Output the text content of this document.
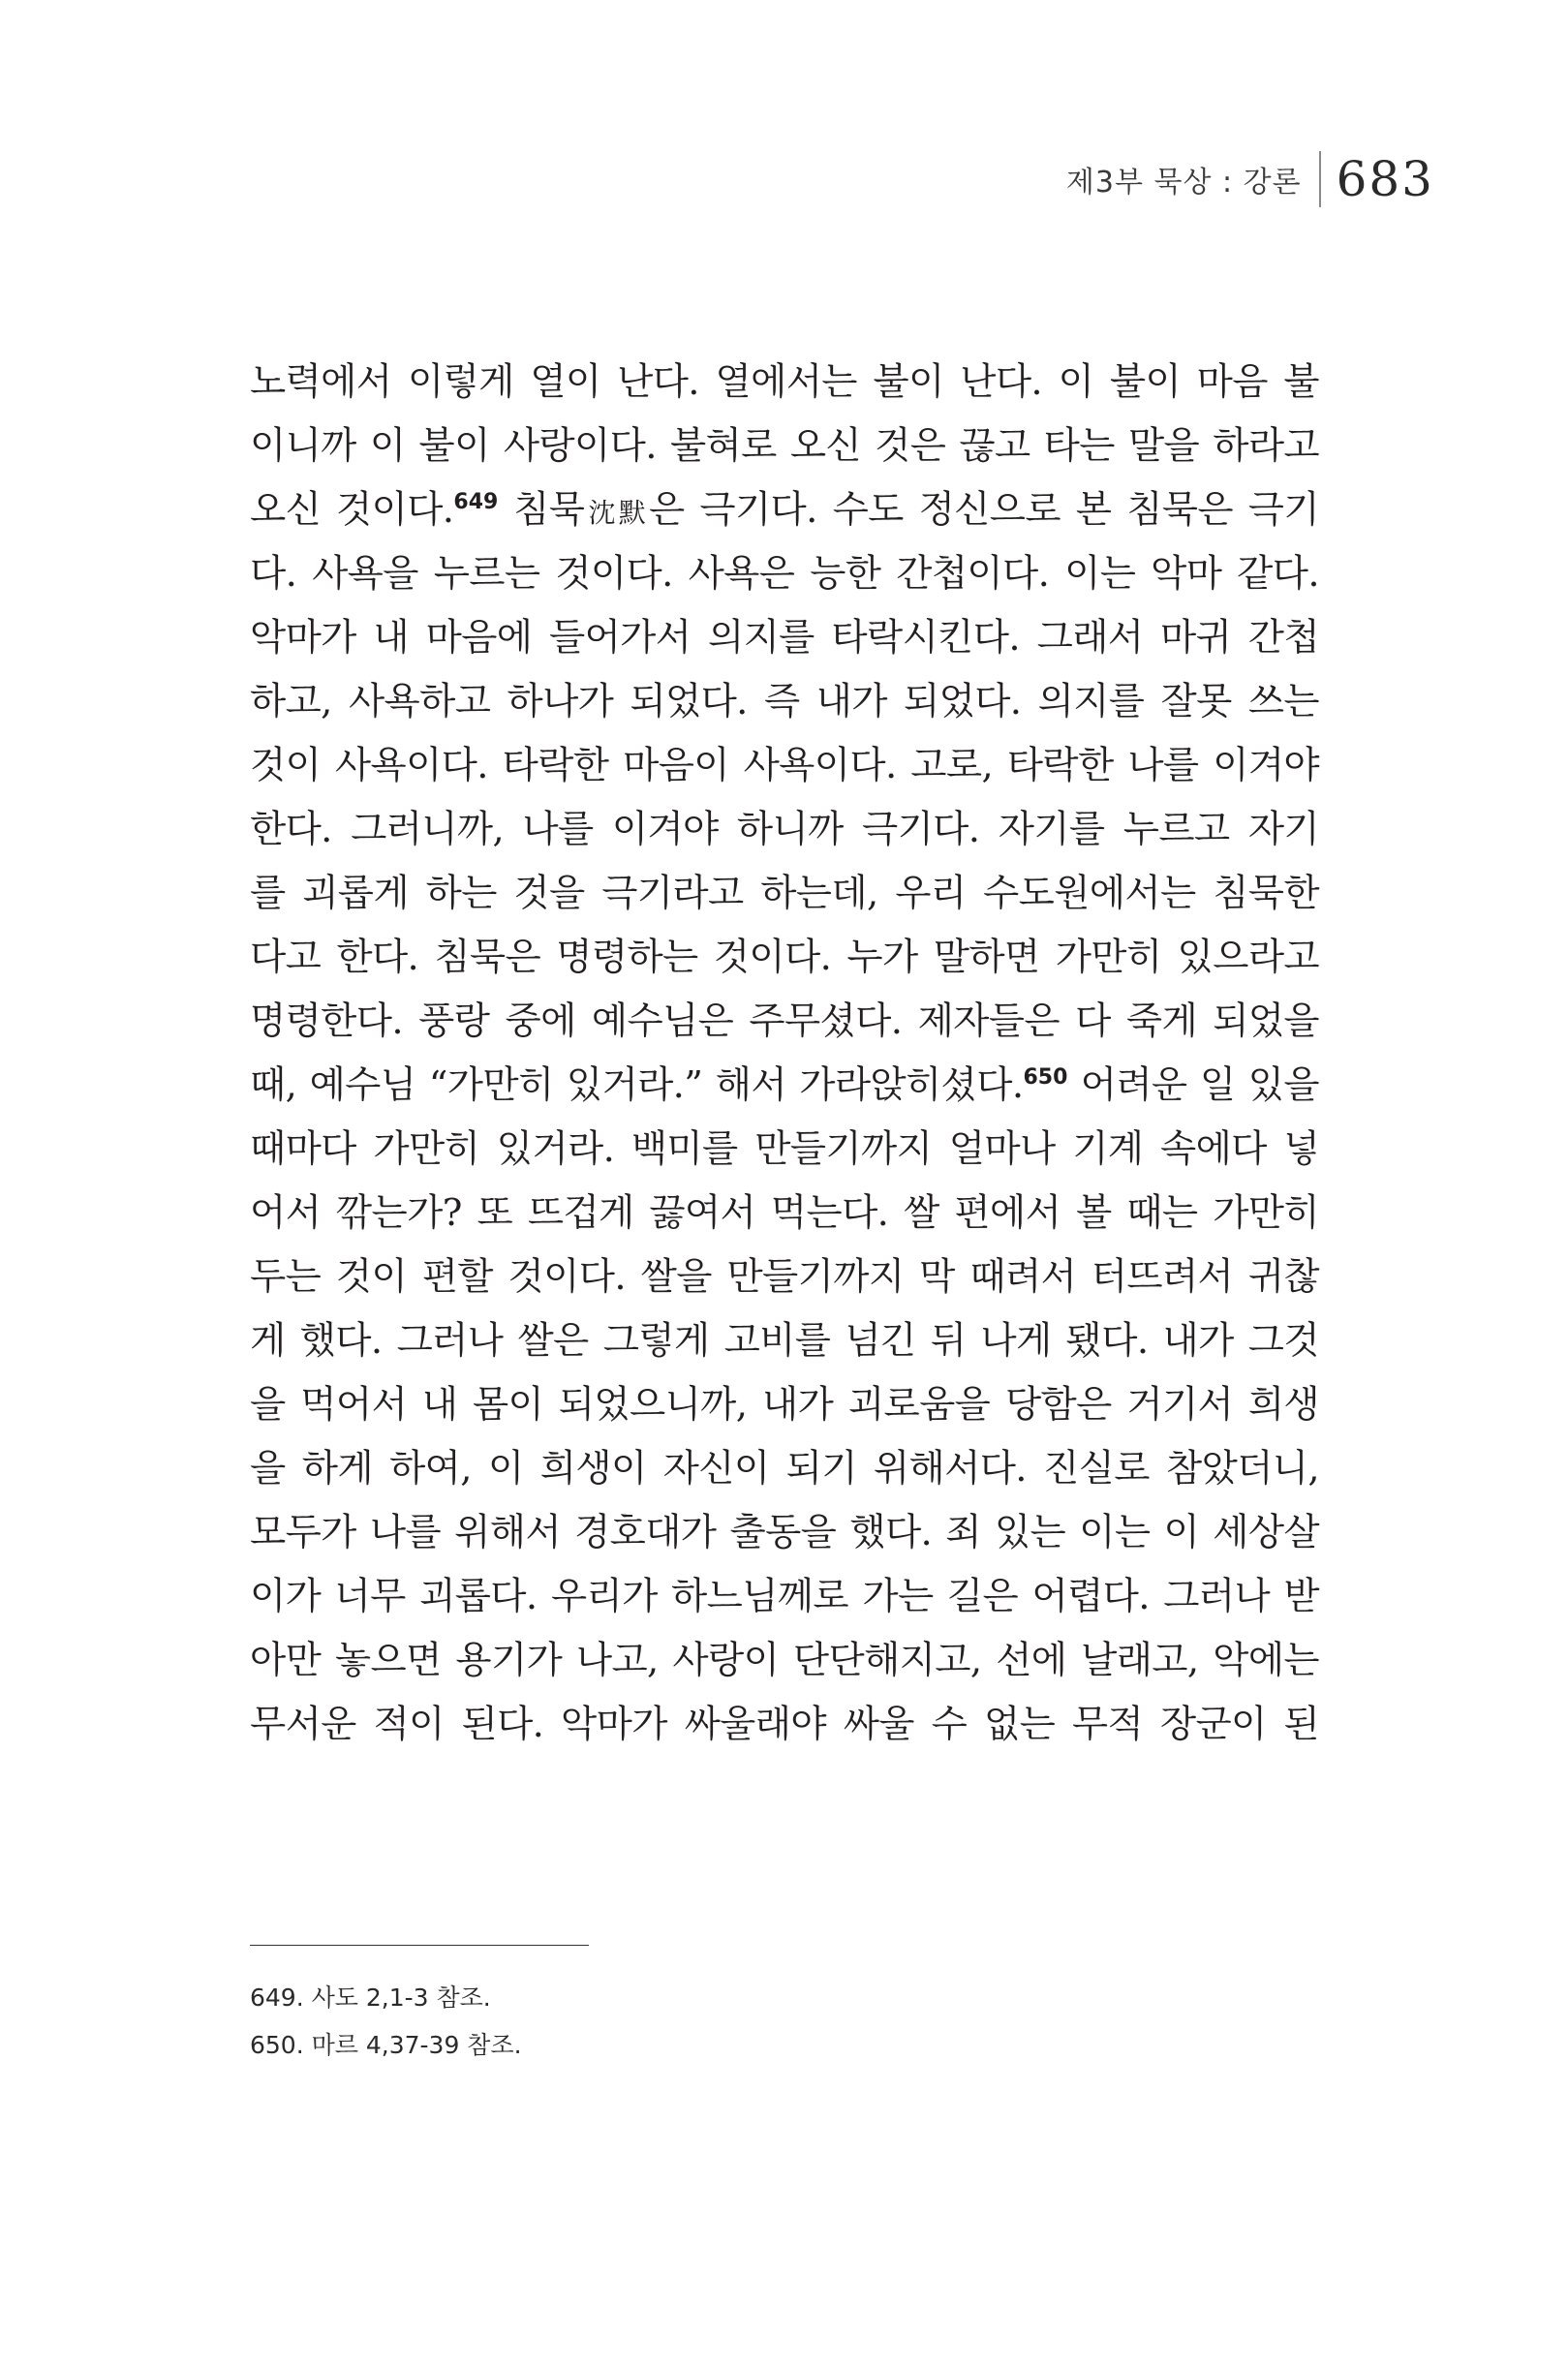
제3부 묵상 : 강론 683
노력에서 이렇게 열이 난다. 열에서는 불이 난다. 이 불이 마음 불
이니까 이 불이 사랑이다. 불혀로 오신 것은 끊고 타는 말을 하라고
오신 것이다.$^{649}$ 침묵沈默은 극기다. 수도 정신으로 본 침묵은 극기
다. 사욕을 누르는 것이다. 사욕은 능한 간첩이다. 이는 악마 같다.
악마가 내 마음에 들어가서 의지를 타락시킨다. 그래서 마귀 간첩
하고, 사욕하고 하나가 되었다. 즉 내가 되었다. 의지를 잘못 쓰는
것이 사욕이다. 타락한 마음이 사욕이다. 고로, 타락한 나를 이겨야
한다. 그러니까, 나를 이겨야 하니까 극기다. 자기를 누르고 자기
를 괴롭게 하는 것을 극기라고 하는데, 우리 수도원에서는 침묵한
다고 한다. 침묵은 명령하는 것이다. 누가 말하면 가만히 있으라고
명령한다. 풍랑 중에 예수님은 주무셨다. 제자들은 다 죽게 되었을
때, 예수님 “가만히 있거라.” 해서 가라앉히셨다.$^{650}$ 어려운 일 있을
때마다 가만히 있거라. 백미를 만들기까지 얼마나 기계 속에다 넣
어서 깎는가? 또 뜨겁게 끓여서 먹는다. 쌀 편에서 볼 때는 가만히
두는 것이 편할 것이다. 쌀을 만들기까지 막 때려서 터뜨려서 귀찮
게 했다. 그러나 쌀은 그렇게 고비를 넘긴 뒤 나게 됐다. 내가 그것
을 먹어서 내 몸이 되었으니까, 내가 괴로움을 당함은 거기서 희생
을 하게 하여, 이 희생이 자신이 되기 위해서다. 진실로 참았더니,
모두가 나를 위해서 경호대가 출동을 했다. 죄 있는 이는 이 세상살
이가 너무 괴롭다. 우리가 하느님께로 가는 길은 어렵다. 그러나 받
아만 놓으면 용기가 나고, 사랑이 단단해지고, 선에 날래고, 악에는
무서운 적이 된다. 악마가 싸울래야 싸울 수 없는 무적 장군이 된
649. 사도 2,1-3 참조.
650. 마르 4,37-39 참조.
